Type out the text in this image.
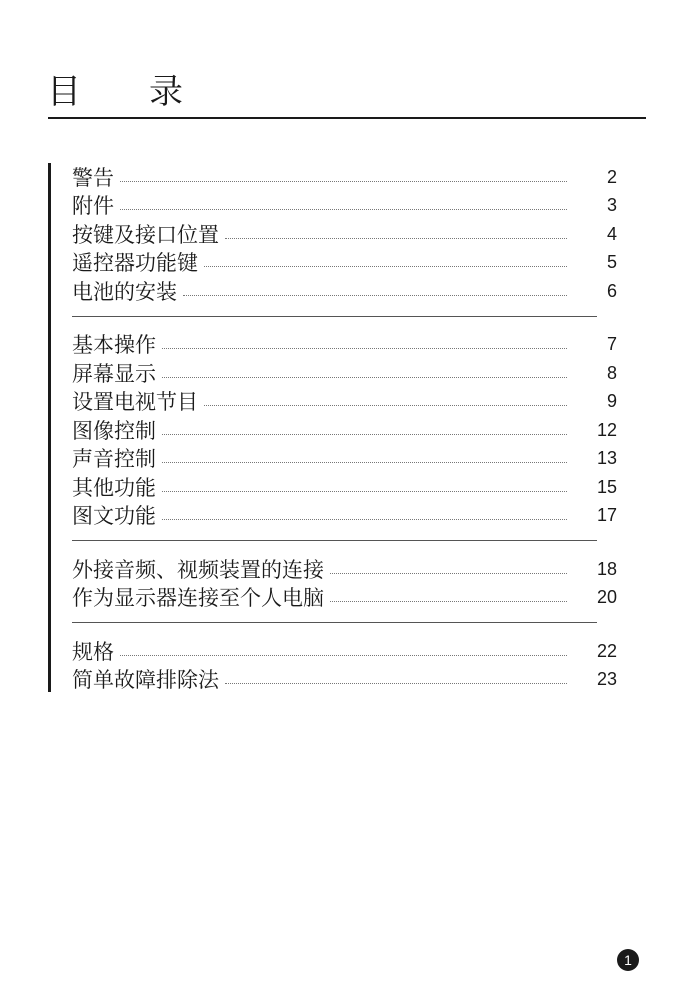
目 录
警告	2
附件	3
按键及接口位置	4
遥控器功能键	5
电池的安装	6
基本操作	7
屏幕显示	8
设置电视节目	9
图像控制	12
声音控制	13
其他功能	15
图文功能	17
外接音频、视频装置的连接	18
作为显示器连接至个人电脑	20
规格	22
简单故障排除法	23
1
